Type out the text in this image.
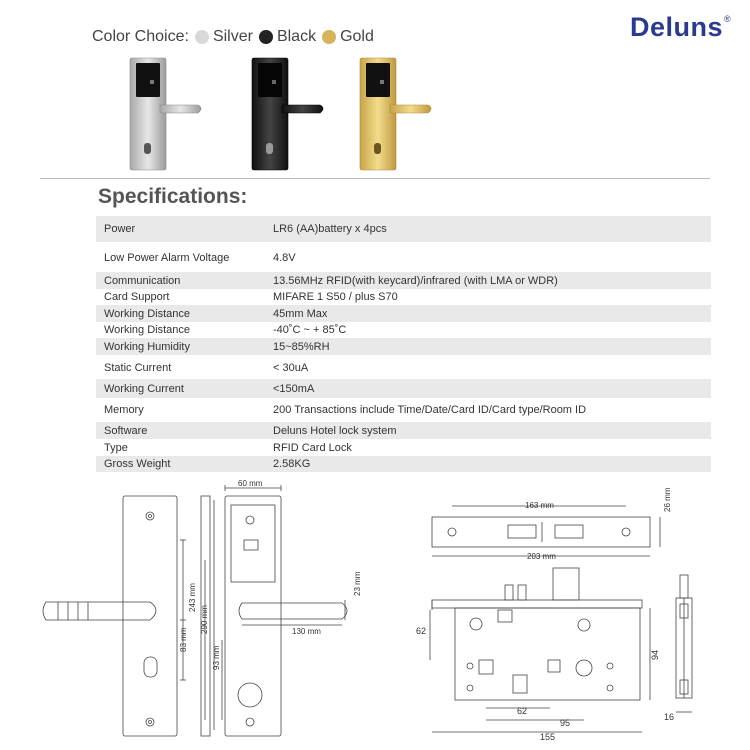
Color Choice: Silver Black Gold	Deluns®
Specifications:
Power	LR6 (AA)battery x 4pcs
Low Power Alarm Voltage	4.8V
Communication	13.56MHz RFID(with keycard)/infrared (with LMA or WDR)
Card Support	MIFARE 1 S50 / plus S70
Working Distance	45mm Max
Working Distance	-40˚C ~ + 85˚C
Working Humidity	15~85%RH
Static Current	< 30uA
Working Current	<150mA
Memory	200 Transactions include Time/Date/Card ID/Card type/Room ID
Software	Deluns Hotel lock system
Type	RFID Card Lock
Gross Weight	2.58KG
243 mm
83 mm
60 mm
290 mm
93 mm
130 mm
23 mm
163 mm
203 mm
26 mm
62
62
95
155
94
16
